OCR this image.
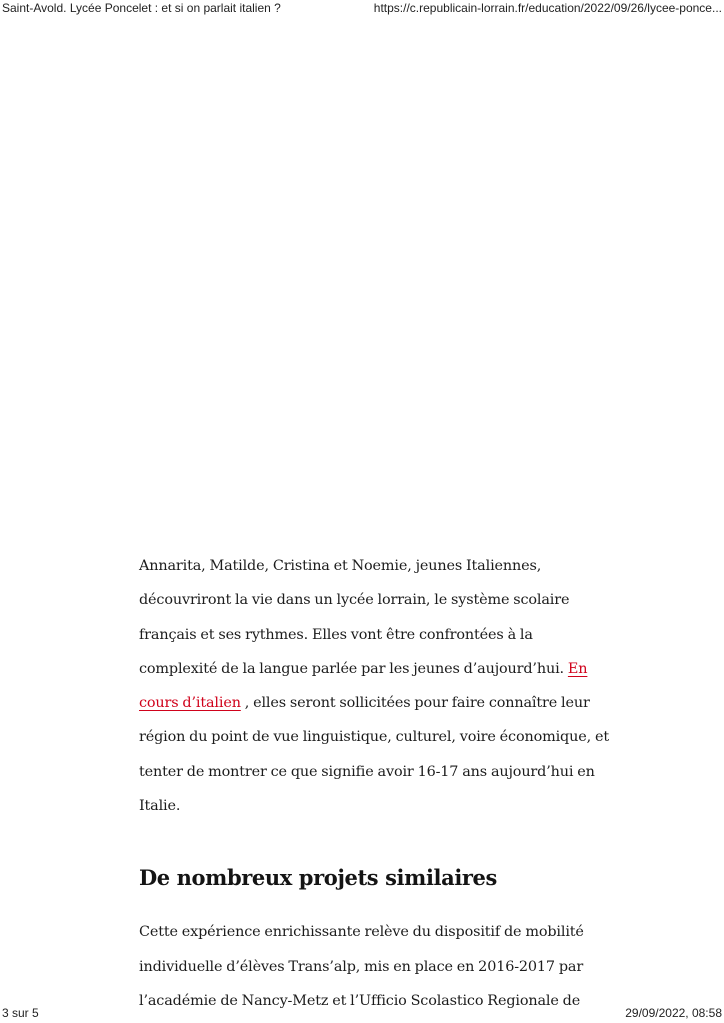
Saint-Avold. Lycée Poncelet : et si on parlait italien ?	https://c.republicain-lorrain.fr/education/2022/09/26/lycee-ponce...

Annarita, Matilde, Cristina et Noemie, jeunes Italiennes, découvriront la vie dans un lycée lorrain, le système scolaire français et ses rythmes. Elles vont être confrontées à la complexité de la langue parlée par les jeunes d’aujourd’hui. En cours d’italien , elles seront sollicitées pour faire connaître leur région du point de vue linguistique, culturel, voire économique, et tenter de montrer ce que signifie avoir 16-17 ans aujourd’hui en Italie.

De nombreux projets similaires

Cette expérience enrichissante relève du dispositif de mobilité individuelle d’élèves Trans’alp, mis en place en 2016-2017 par l’académie de Nancy-Metz et l’Ufficio Scolastico Regionale de

3 sur 5	29/09/2022, 08:58
